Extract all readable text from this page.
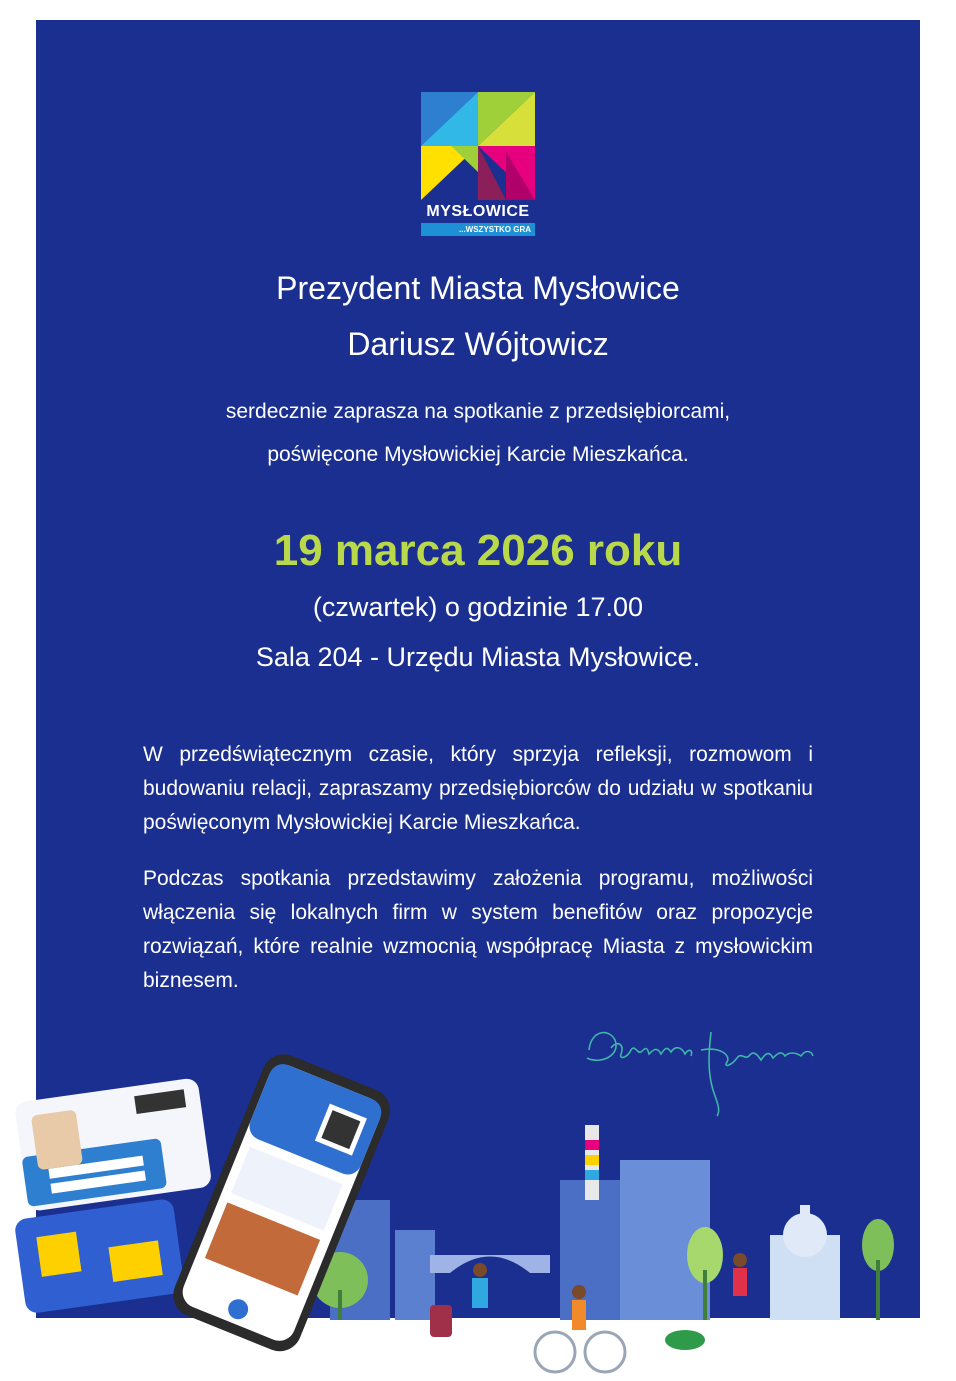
MYSŁOWICE
...WSZYSTKO GRA
Prezydent Miasta Mysłowice
Dariusz Wójtowicz
serdecznie zaprasza na spotkanie z przedsiębiorcami,
poświęcone Mysłowickiej Karcie Mieszkańca.
19 marca 2026 roku
(czwartek) o godzinie 17.00
Sala 204 - Urzędu Miasta Mysłowice.

W przedświątecznym czasie, który sprzyja refleksji, rozmowom i budowaniu relacji, zapraszamy przedsiębiorców do udziału w spotkaniu poświęconym Mysłowickiej Karcie Mieszkańca.

Podczas spotkania przedstawimy założenia programu, możliwości włączenia się lokalnych firm w system benefitów oraz propozycje rozwiązań, które realnie wzmocnią współpracę Miasta z mysłowickim biznesem.
